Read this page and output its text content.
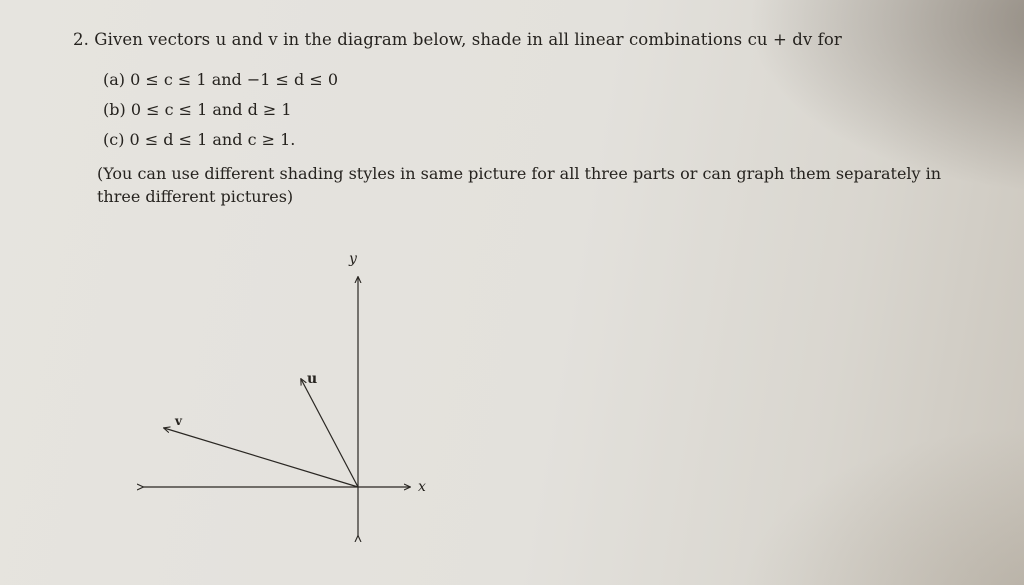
2. Given vectors u and v in the diagram below, shade in all linear combinations cu + dv for
(a) 0 ≤ c ≤ 1 and −1 ≤ d ≤ 0
(b) 0 ≤ c ≤ 1 and d ≥ 1
(c) 0 ≤ d ≤ 1 and c ≥ 1.
(You can use different shading styles in same picture for all three parts or can graph them separately in
three different pictures)
y
x
u
v
